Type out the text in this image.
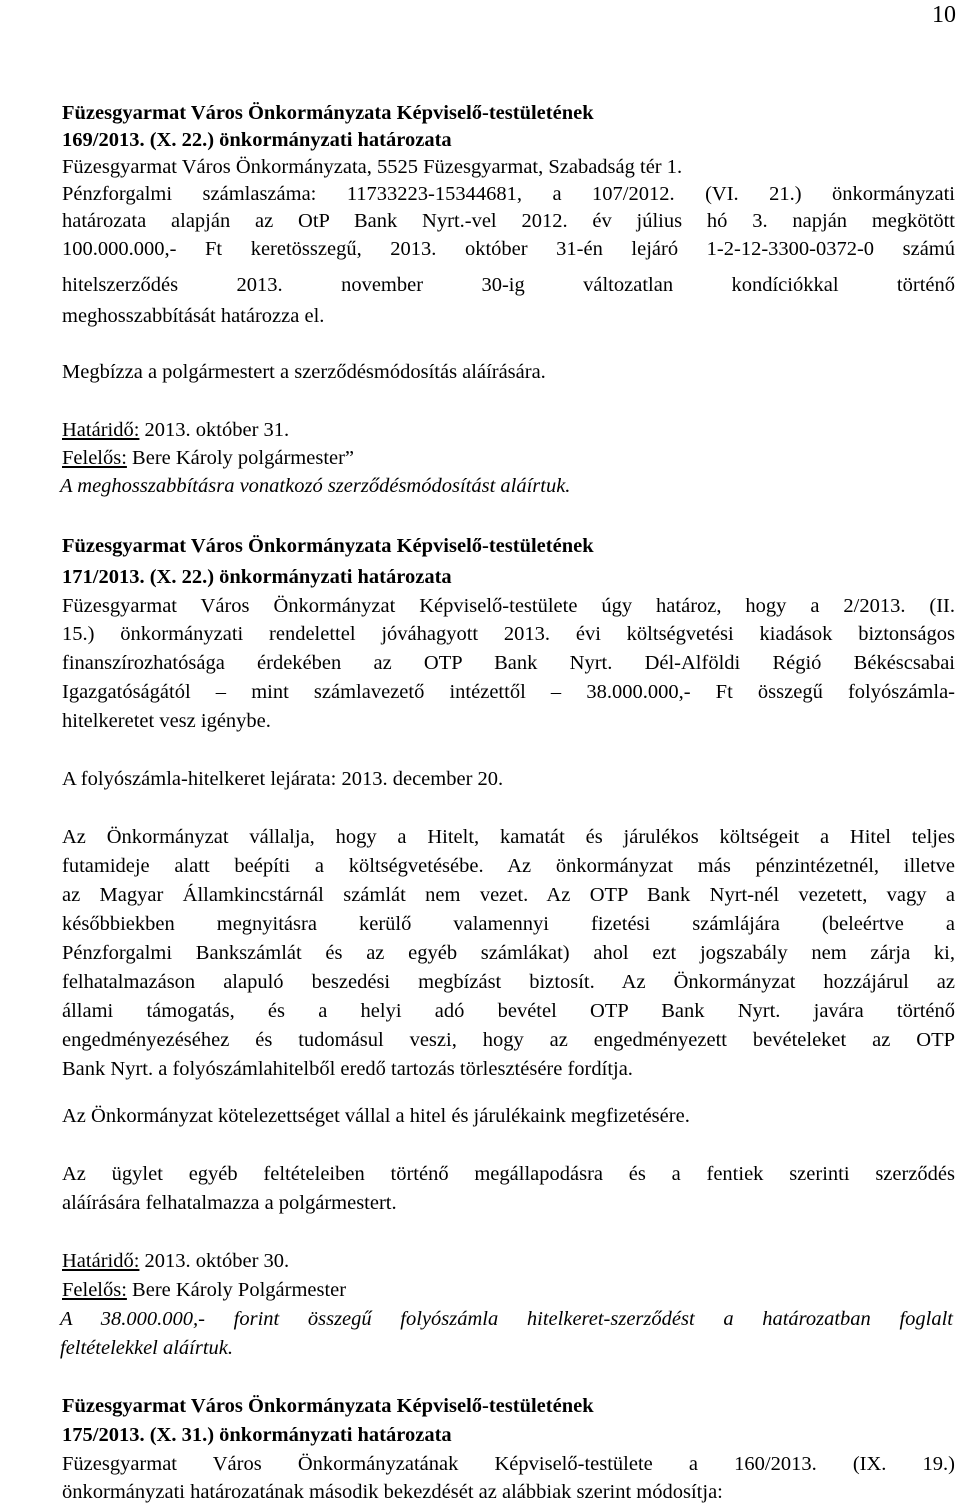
10
Füzesgyarmat Város Önkormányzata Képviselő-testületének
169/2013. (X. 22.) önkormányzati határozata
Füzesgyarmat Város Önkormányzata, 5525 Füzesgyarmat, Szabadság tér 1.
Pénzforgalmi számlaszáma: 11733223-15344681, a 107/2012. (VI. 21.) önkormányzati
határozata alapján az OtP Bank Nyrt.-vel 2012. év július hó 3. napján megkötött
100.000.000,- Ft keretösszegű, 2013. október 31-én lejáró 1-2-12-3300-0372-0 számú
hitelszerződés 2013. november 30-ig változatlan kondíciókkal történő
meghosszabbítását határozza el.
Megbízza a polgármestert a szerződésmódosítás aláírására.
Határidő: 2013. október 31.
Felelős: Bere Károly polgármester”
A meghosszabbításra vonatkozó szerződésmódosítást aláírtuk.
Füzesgyarmat Város Önkormányzata Képviselő-testületének
171/2013. (X. 22.) önkormányzati határozata
Füzesgyarmat Város Önkormányzat Képviselő-testülete úgy határoz, hogy a 2/2013. (II.
15.) önkormányzati rendelettel jóváhagyott 2013. évi költségvetési kiadások biztonságos
finanszírozhatósága érdekében az OTP Bank Nyrt. Dél-Alföldi Régió Békéscsabai
Igazgatóságától – mint számlavezető intézettől – 38.000.000,- Ft összegű folyószámla-
hitelkeretet vesz igénybe.
A folyószámla-hitelkeret lejárata: 2013. december 20.
Az Önkormányzat vállalja, hogy a Hitelt, kamatát és járulékos költségeit a Hitel teljes
futamideje alatt beépíti a költségvetésébe. Az önkormányzat más pénzintézetnél, illetve
az Magyar Államkincstárnál számlát nem vezet. Az OTP Bank Nyrt-nél vezetett, vagy a
későbbiekben megnyitásra kerülő valamennyi fizetési számlájára (beleértve a
Pénzforgalmi Bankszámlát és az egyéb számlákat) ahol ezt jogszabály nem zárja ki,
felhatalmazáson alapuló beszedési megbízást biztosít. Az Önkormányzat hozzájárul az
állami támogatás, és a helyi adó bevétel OTP Bank Nyrt. javára történő
engedményezéséhez és tudomásul veszi, hogy az engedményezett bevételeket az OTP
Bank Nyrt. a folyószámlahitelből eredő tartozás törlesztésére fordítja.
Az Önkormányzat kötelezettséget vállal a hitel és járulékaink megfizetésére.
Az ügylet egyéb feltételeiben történő megállapodásra és a fentiek szerinti szerződés
aláírására felhatalmazza a polgármestert.
Határidő: 2013. október 30.
Felelős: Bere Károly Polgármester
A 38.000.000,- forint összegű folyószámla hitelkeret-szerződést a határozatban foglalt
feltételekkel aláírtuk.
Füzesgyarmat Város Önkormányzata Képviselő-testületének
175/2013. (X. 31.) önkormányzati határozata
Füzesgyarmat Város Önkormányzatának Képviselő-testülete a 160/2013. (IX. 19.)
önkormányzati határozatának második bekezdését az alábbiak szerint módosítja:
